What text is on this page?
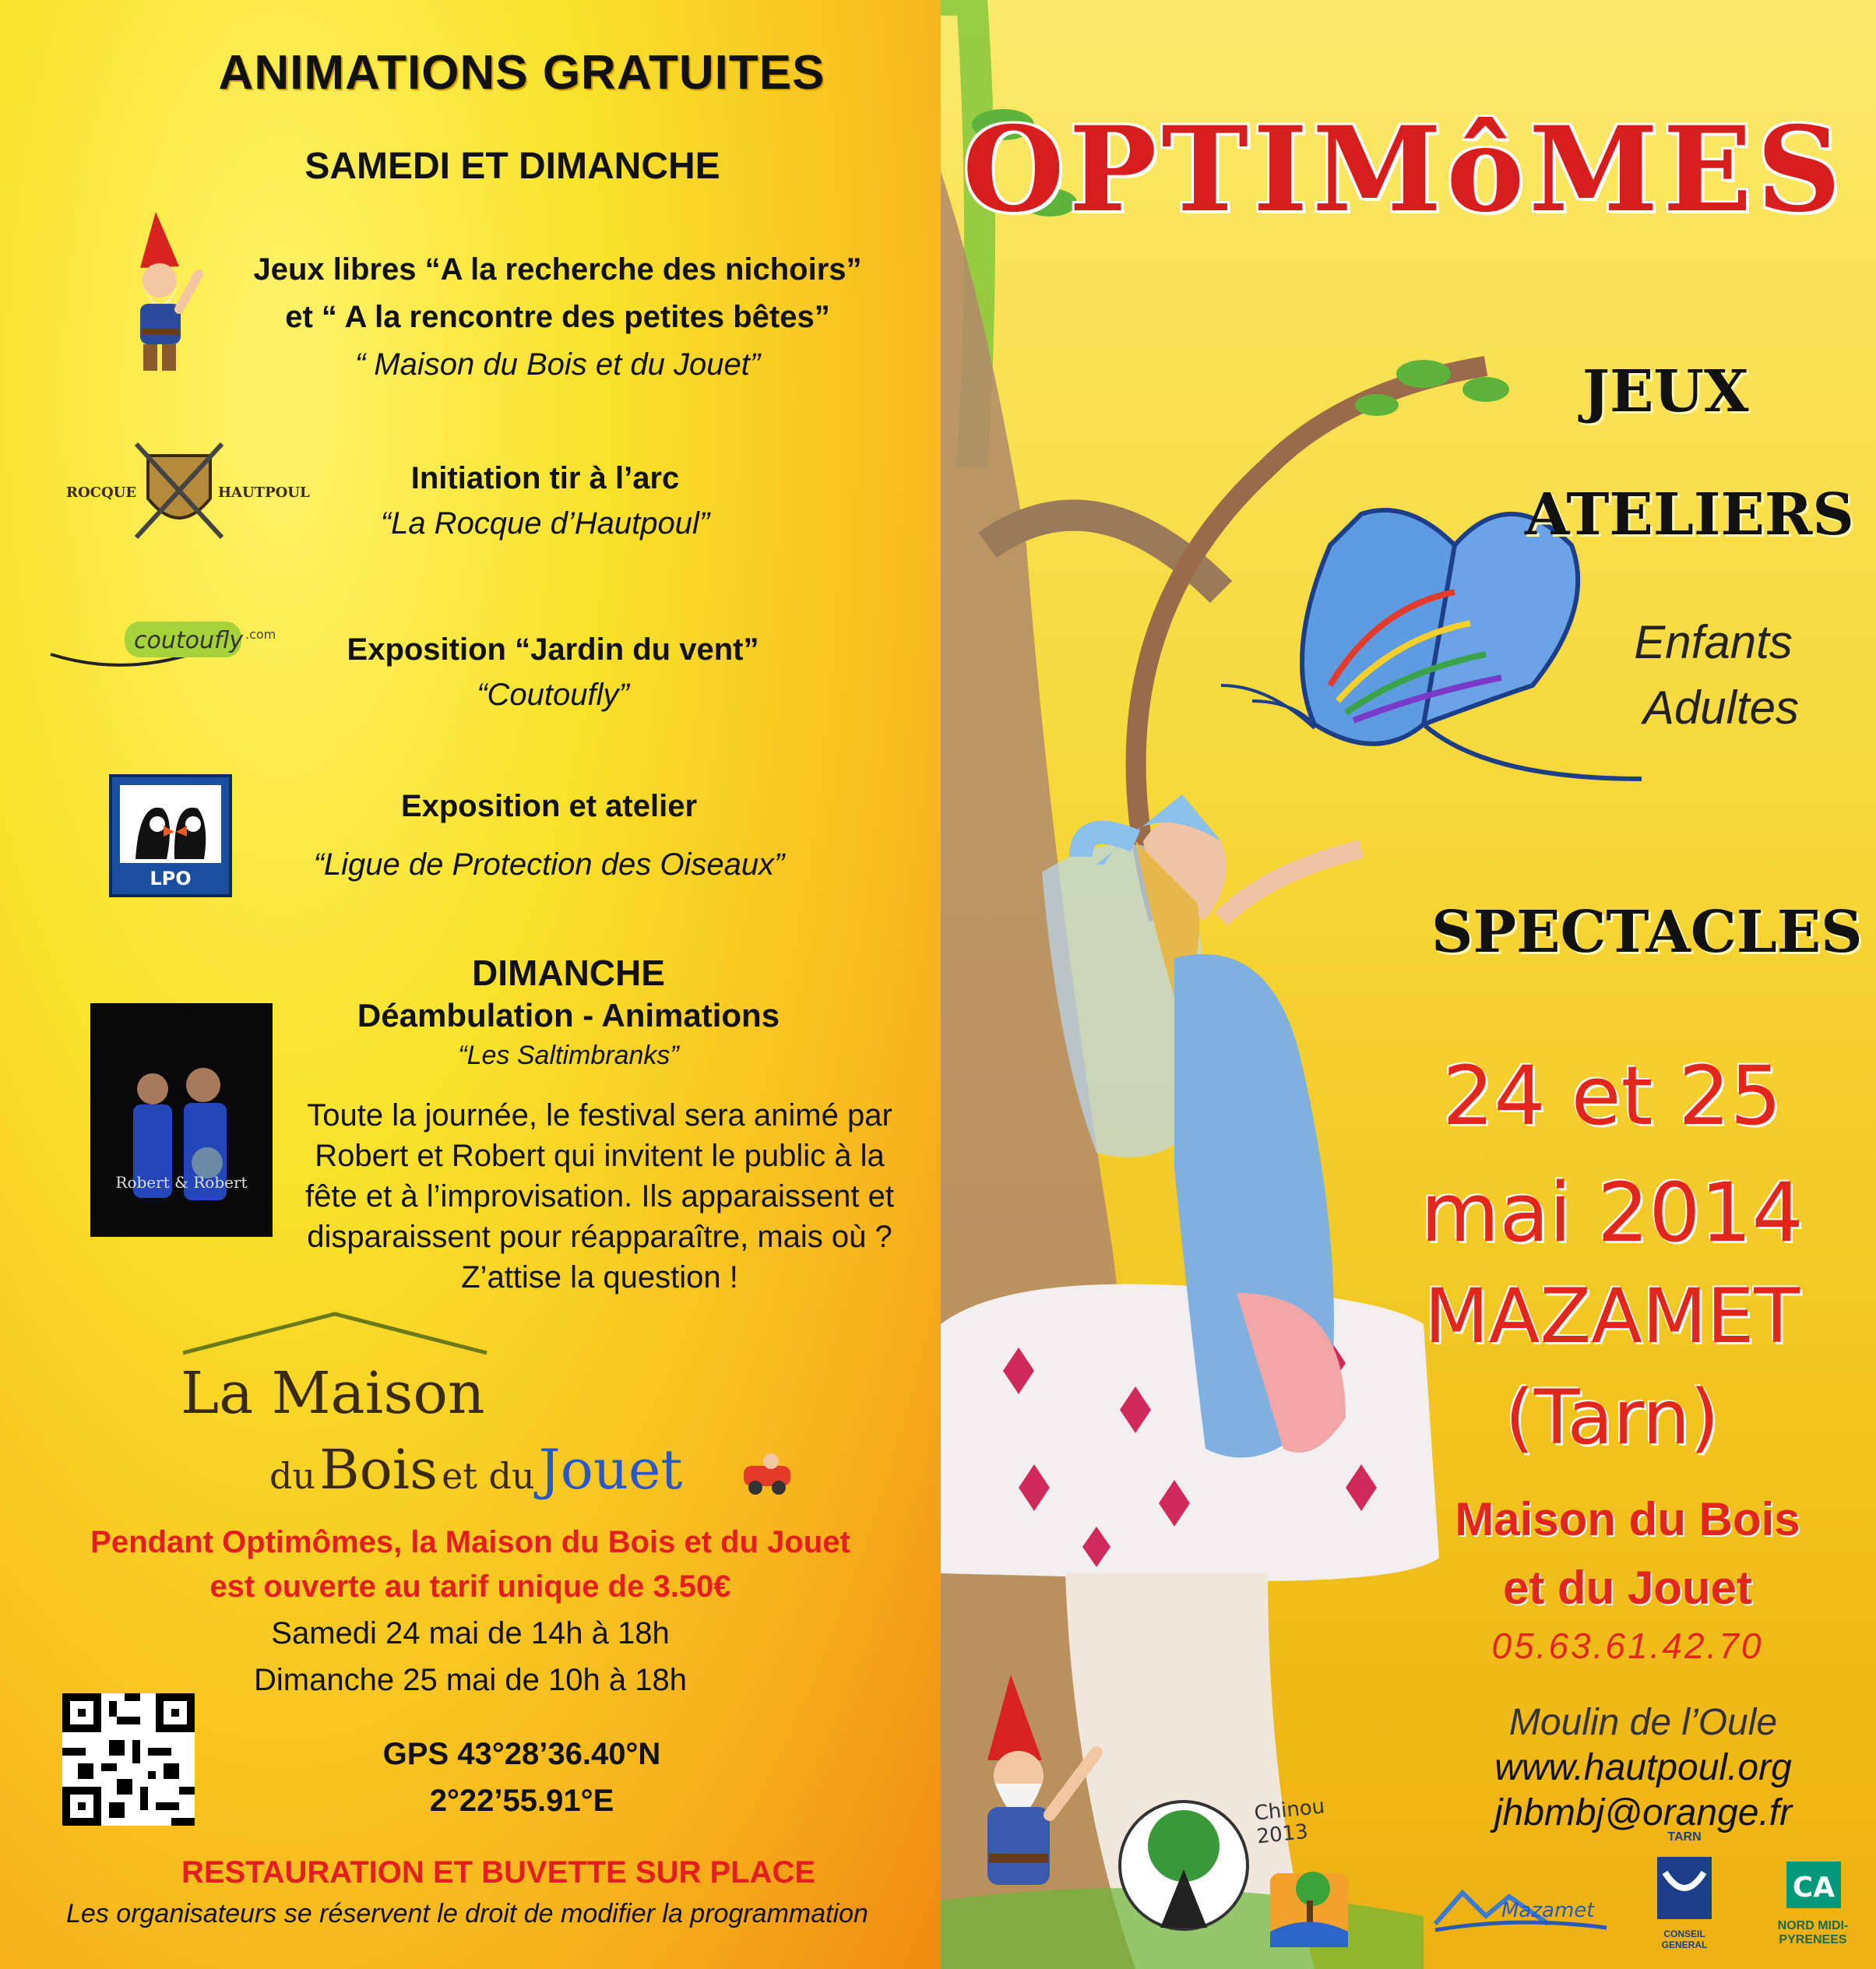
ANIMATIONS GRATUITES
SAMEDI ET DIMANCHE
Jeux libres “A la recherche des nichoirs”
et “ A la rencontre des petites bêtes”
“ Maison du Bois et du Jouet”
ROCQUE	HAUTPOUL	Initiation tir à l’arc
“La Rocque d’Hautpoul”
coutoufly .com	Exposition “Jardin du vent”
“Coutoufly”
LPO
Exposition et atelier
“Ligue de Protection des Oiseaux”
DIMANCHE
Déambulation - Animations
“Les Saltimbranks”
Robert & Robert
Toute la journée, le festival sera animé par
Robert et Robert qui invitent le public à la
fête et à l’improvisation. Ils apparaissent et
disparaissent pour réapparaître, mais où ?
Z’attise la question !
La Maison
du Bois et du Jouet
Pendant Optimômes, la Maison du Bois et du Jouet
est ouverte au tarif unique de 3.50€
Samedi 24 mai de 14h à 18h
Dimanche 25 mai de 10h à 18h
GPS 43°28’36.40°N
2°22’55.91°E
RESTAURATION ET BUVETTE SUR PLACE
Les organisateurs se réservent le droit de modifier la programmation
Chinou 2013
Mazamet
TARN
CONSEIL GENERAL
CA
NORD MIDI-PYRENEES
OPTIMôMES
JEUX
ATELIERS
Enfants
Adultes
SPECTACLES
24 et 25
mai 2014
MAZAMET
(Tarn)
Maison du Bois
et du Jouet
05.63.61.42.70
Moulin de l’Oule
www.hautpoul.org
jhbmbj@orange.fr
